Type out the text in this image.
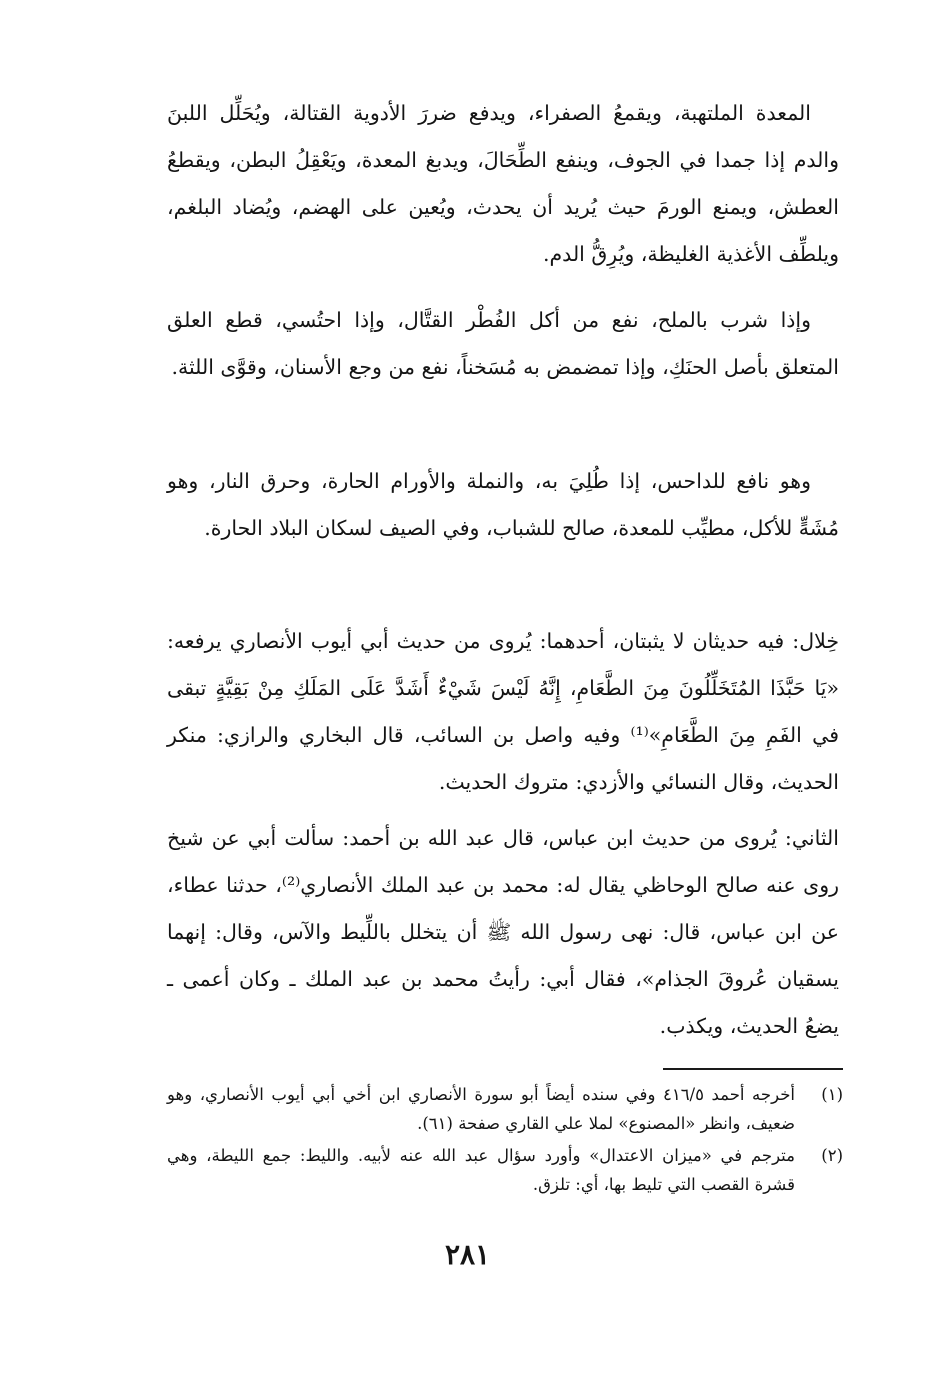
المعدة الملتهبة، ويقمعُ الصفراء، ويدفع ضررَ الأدوية القتالة، ويُحَلِّل اللبنَ والدم إذا جمدا في الجوف، وينفع الطِّحَالَ، ويدبغ المعدة، ويَعْقِلُ البطن، ويقطعُ العطش، ويمنع الورمَ حيث يُريد أن يحدث، ويُعين على الهضم، ويُضاد البلغم، ويلطِّف الأغذية الغليظة، ويُرِقُّ الدم.

وإذا شرب بالملح، نفع من أكل الفُطْر القتَّال، وإذا احتُسي، قطع العلق المتعلق بأصل الحنَكِ، وإذا تمضمض به مُسَخناً، نفع من وجع الأسنان، وقوَّى اللثة.

وهو نافع للداحس، إذا طُلِيَ به، والنملة والأورام الحارة، وحرق النار، وهو مُشَهٍّ للأكل، مطيِّب للمعدة، صالح للشباب، وفي الصيف لسكان البلاد الحارة.

خِلال: فيه حديثان لا يثبتان، أحدهما: يُروى من حديث أبي أيوب الأنصاري يرفعه: «يَا حَبَّذَا المُتَخَلِّلُونَ مِنَ الطَّعَامِ، إِنَّهُ لَيْسَ شَيْءٌ أَشَدَّ عَلَى المَلَكِ مِنْ بَقِيَّةٍ تبقى في الفَمِ مِنَ الطَّعَامِ»⁽¹⁾ وفيه واصل بن السائب، قال البخاري والرازي: منكر الحديث، وقال النسائي والأزدي: متروك الحديث.

الثاني: يُروى من حديث ابن عباس، قال عبد الله بن أحمد: سألت أبي عن شيخ روى عنه صالح الوحاظي يقال له: محمد بن عبد الملك الأنصاري⁽²⁾، حدثنا عطاء، عن ابن عباس، قال: نهى رسول الله ﷺ أن يتخلل باللِّيط والآس، وقال: إنهما يسقيان عُروقَ الجذام»، فقال أبي: رأيتُ محمد بن عبد الملك ـ وكان أعمى ـ يضعُ الحديث، ويكذب.

(١)
أخرجه أحمد ٤١٦/٥ وفي سنده أيضاً أبو سورة الأنصاري ابن أخي أبي أيوب الأنصاري، وهو ضعيف، وانظر «المصنوع» لملا علي القاري صفحة (٦١).
(٢)
مترجم في «ميزان الاعتدال» وأورد سؤال عبد الله عنه لأبيه. والليط: جمع الليطة، وهي قشرة القصب التي تليط بها، أي: تلزق.
٢٨١
